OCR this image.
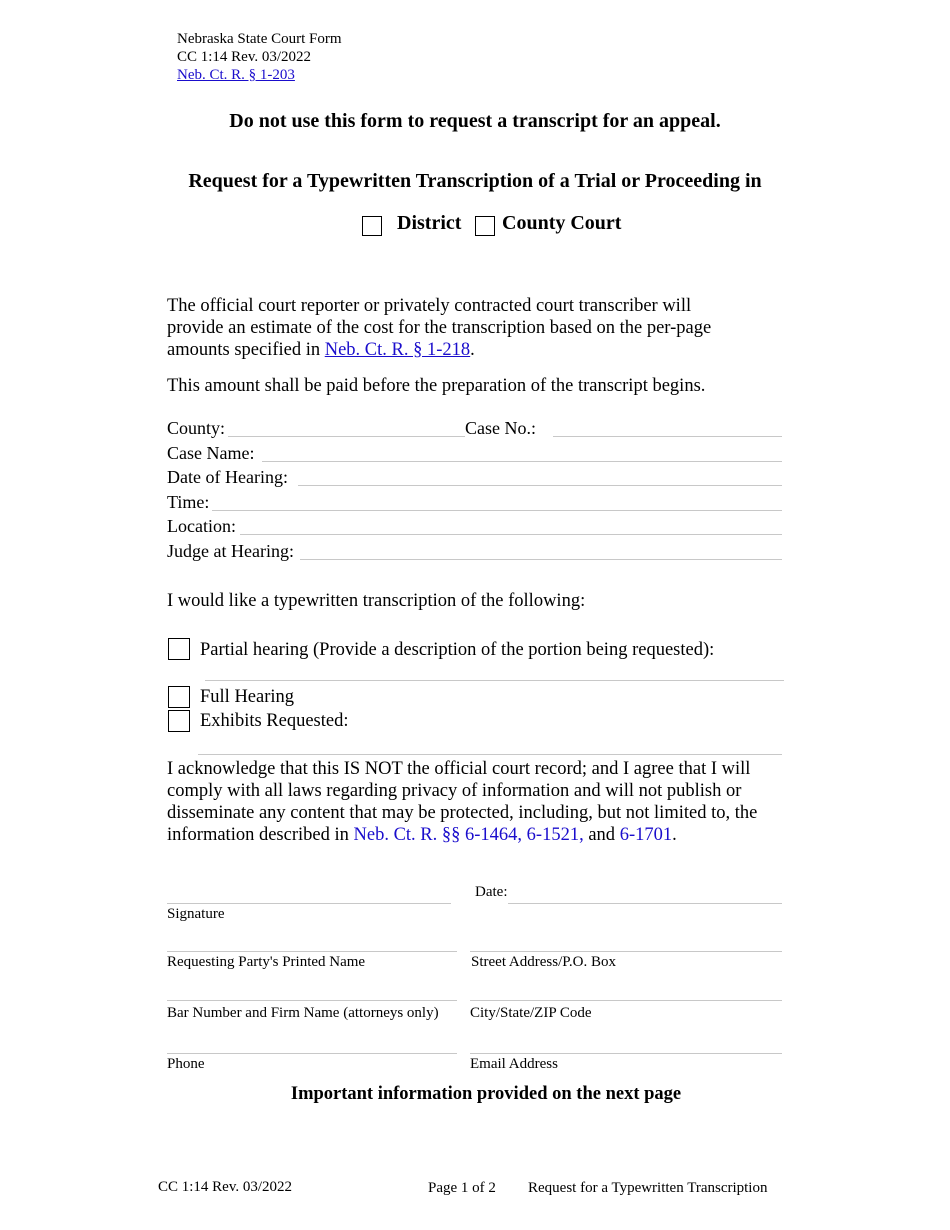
Nebraska State Court Form
CC 1:14 Rev. 03/2022
Neb. Ct. R. § 1-203
Do not use this form to request a transcript for an appeal.
Request for a Typewritten Transcription of a Trial or Proceeding in
District County Court
The official court reporter or privately contracted court transcriber will provide an estimate of the cost for the transcription based on the per-page amounts specified in Neb. Ct. R. § 1-218.
This amount shall be paid before the preparation of the transcript begins.
County:	Case No.:
Case Name:
Date of Hearing:
Time:
Location:
Judge at Hearing:
I would like a typewritten transcription of the following:
Partial hearing (Provide a description of the portion being requested):
Full Hearing
Exhibits Requested:
I acknowledge that this IS NOT the official court record; and I agree that I will comply with all laws regarding privacy of information and will not publish or disseminate any content that may be protected, including, but not limited to, the information described in Neb. Ct. R. §§ 6-1464, 6-1521, and 6-1701.
Date:
Signature
Requesting Party's Printed Name	Street Address/P.O. Box
Bar Number and Firm Name (attorneys only) City/State/ZIP Code
Phone	Email Address
Important information provided on the next page
CC 1:14 Rev. 03/2022	Page 1 of 2 Request for a Typewritten Transcription
